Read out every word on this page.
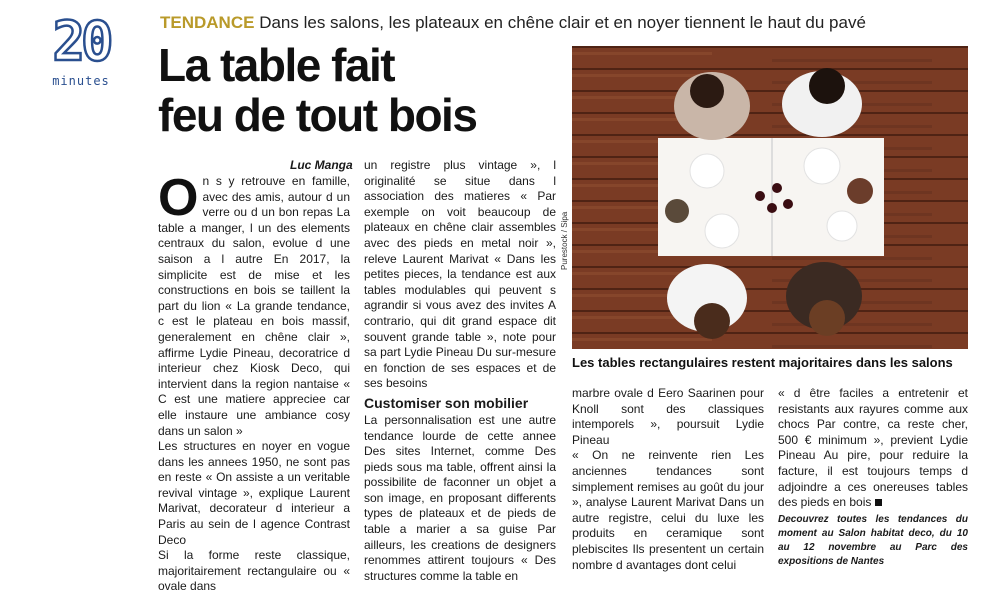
20
minutes
TENDANCE Dans les salons, les plateaux en chêne clair et en noyer tiennent le haut du pavé
La table fait
feu de tout bois
Purestock / Sipa
Les tables rectangulaires restent majoritaires dans les salons
Luc Manga

On s y retrouve en famille, avec des amis, autour d un verre ou d un bon repas La table a manger, l un des elements centraux du salon, evolue d une saison a l autre En 2017, la simplicite est de mise et les constructions en bois se taillent la part du lion « La grande tendance, c est le plateau en bois massif, generalement en chêne clair », affirme Lydie Pineau, decoratrice d interieur chez Kiosk Deco, qui intervient dans la region nantaise « C est une matiere appreciee car elle instaure une ambiance cosy dans un salon »

Les structures en noyer en vogue dans les annees 1950, ne sont pas en reste « On assiste a un veritable revival vintage », explique Laurent Marivat, decorateur d interieur a Paris au sein de l agence Contrast Deco

Si la forme reste classique, majoritairement rectangulaire ou « ovale dans

un registre plus vintage », l originalité se situe dans l association des matieres « Par exemple on voit beaucoup de plateaux en chêne clair assembles avec des pieds en metal noir », releve Laurent Marivat « Dans les petites pieces, la tendance est aux tables modulables qui peuvent s agrandir si vous avez des invites A contrario, qui dit grand espace dit souvent grande table », note pour sa part Lydie Pineau Du sur-mesure en fonction de ses espaces et de ses besoins

Customiser son mobilier

La personnalisation est une autre tendance lourde de cette annee Des sites Internet, comme Des pieds sous ma table, offrent ainsi la possibilite de faconner un objet a son image, en proposant differents types de plateaux et de pieds de table a marier a sa guise Par ailleurs, les creations de designers renommes attirent toujours « Des structures comme la table en

marbre ovale d Eero Saarinen pour Knoll sont des classiques intemporels », poursuit Lydie Pineau

« On ne reinvente rien Les anciennes tendances sont simplement remises au goût du jour », analyse Laurent Marivat Dans un autre registre, celui du luxe les produits en ceramique sont plebiscites Ils presentent un certain nombre d avantages dont celui

« d être faciles a entretenir et resistants aux rayures comme aux chocs Par contre, ca reste cher, 500 € minimum », previent Lydie Pineau Au pire, pour reduire la facture, il est toujours temps d adjoindre a ces onereuses tables des pieds en bois

Decouvrez toutes les tendances du moment au Salon habitat deco, du 10 au 12 novembre au Parc des expositions de Nantes
